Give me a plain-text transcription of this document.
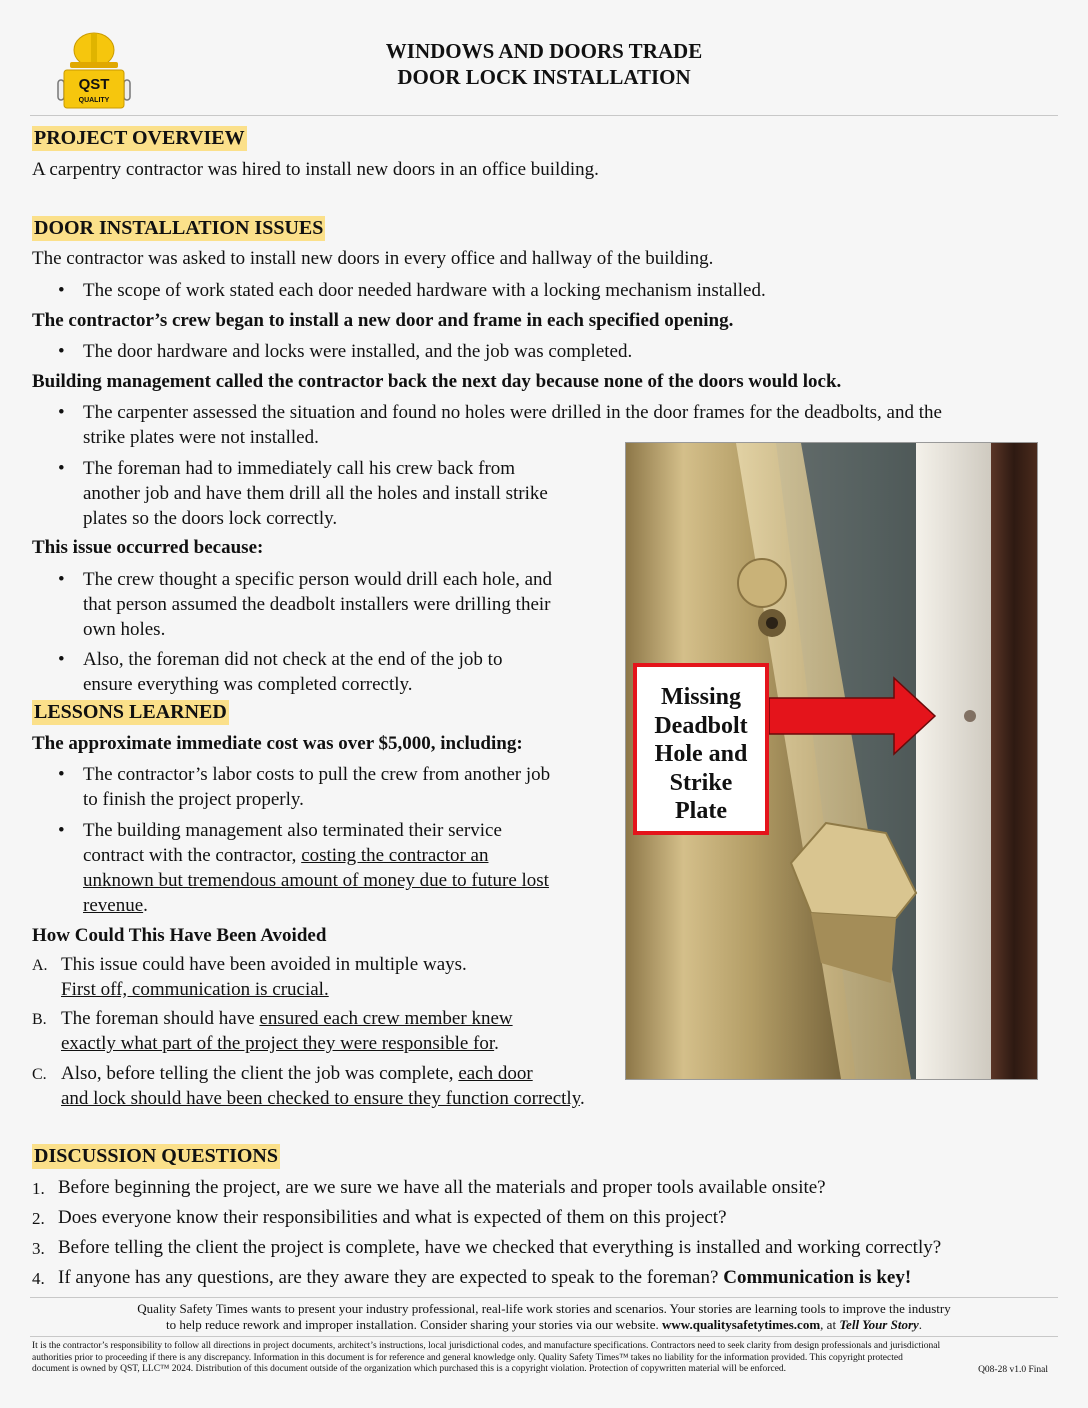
QST
QUALITY
WINDOWS AND DOORS TRADE
DOOR LOCK INSTALLATION
PROJECT OVERVIEW
A carpentry contractor was hired to install new doors in an office building.
DOOR INSTALLATION ISSUES
The contractor was asked to install new doors in every office and hallway of the building.
• The scope of work stated each door needed hardware with a locking mechanism installed.
The contractor’s crew began to install a new door and frame in each specified opening.
• The door hardware and locks were installed, and the job was completed.
Building management called the contractor back the next day because none of the doors would lock.
• The carpenter assessed the situation and found no holes were drilled in the door frames for the deadbolts, and the
strike plates were not installed.
• The foreman had to immediately call his crew back from
another job and have them drill all the holes and install strike
plates so the doors lock correctly.
This issue occurred because:
• The crew thought a specific person would drill each hole, and
that person assumed the deadbolt installers were drilling their
own holes.
• Also, the foreman did not check at the end of the job to
ensure everything was completed correctly.
LESSONS LEARNED
The approximate immediate cost was over $5,000, including:
• The contractor’s labor costs to pull the crew from another job
to finish the project properly.
• The building management also terminated their service
contract with the contractor, costing the contractor an
unknown but tremendous amount of money due to future lost
revenue.
How Could This Have Been Avoided
A. This issue could have been avoided in multiple ways.
First off, communication is crucial.
B. The foreman should have ensured each crew member knew
exactly what part of the project they were responsible for.
C. Also, before telling the client the job was complete, each door
and lock should have been checked to ensure they function correctly.
Missing
Deadbolt
Hole and
Strike
Plate
DISCUSSION QUESTIONS
1. Before beginning the project, are we sure we have all the materials and proper tools available onsite?
2. Does everyone know their responsibilities and what is expected of them on this project?
3. Before telling the client the project is complete, have we checked that everything is installed and working correctly?
4. If anyone has any questions, are they aware they are expected to speak to the foreman? Communication is key!
Quality Safety Times wants to present your industry professional, real-life work stories and scenarios. Your stories are learning tools to improve the industry
to help reduce rework and improper installation. Consider sharing your stories via our website. www.qualitysafetytimes.com, at Tell Your Story.
It is the contractor’s responsibility to follow all directions in project documents, architect’s instructions, local jurisdictional codes, and manufacture specifications. Contractors need to seek clarity from design professionals and jurisdictional
authorities prior to proceeding if there is any discrepancy. Information in this document is for reference and general knowledge only. Quality Safety Times™ takes no liability for the information provided. This copyright protected
document is owned by QST, LLC™ 2024. Distribution of this document outside of the organization which purchased this is a copyright violation. Protection of copywritten material will be enforced.	Q08-28 v1.0 Final
